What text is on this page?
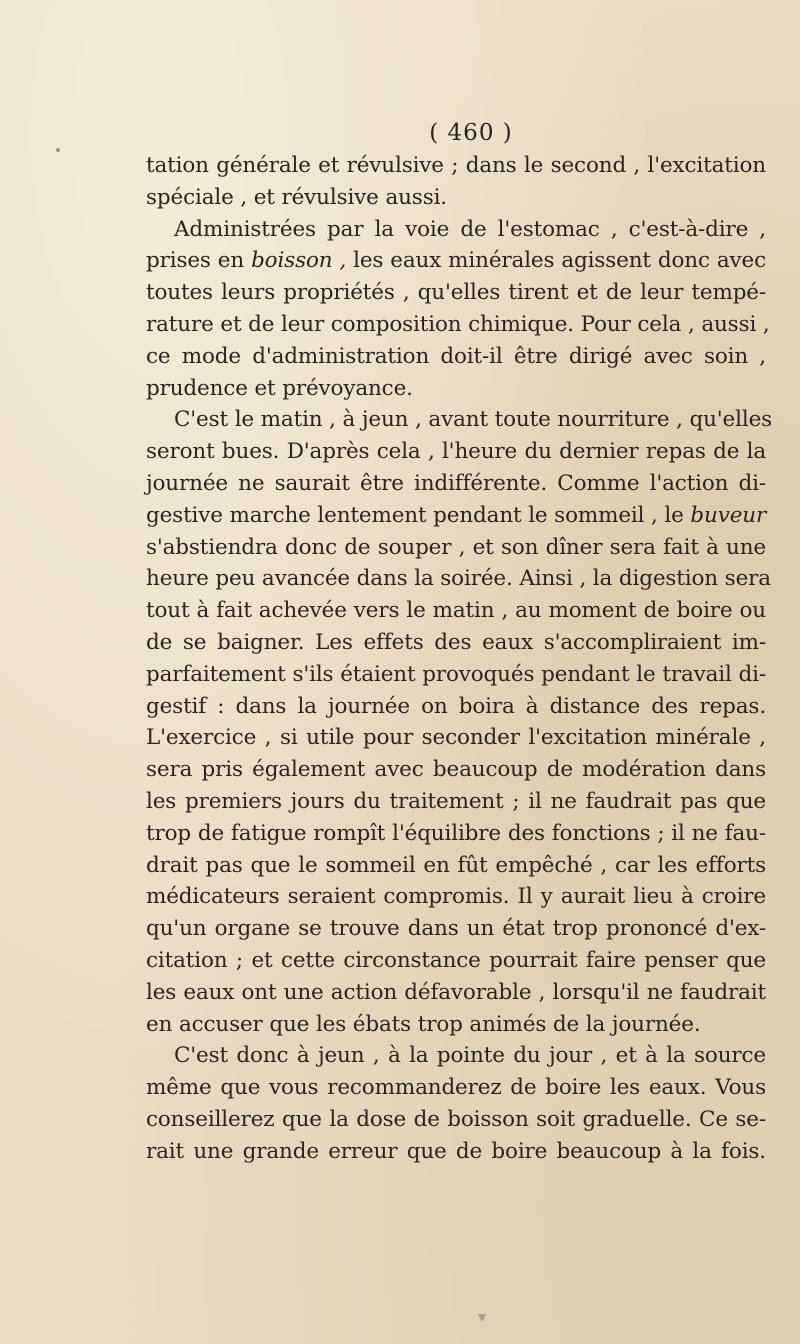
( 460 )

tation générale et révulsive ; dans le second , l'excitation
spéciale , et révulsive aussi.

Administrées par la voie de l'estomac , c'est-à-dire ,
prises en boisson , les eaux minérales agissent donc avec
toutes leurs propriétés , qu'elles tirent et de leur tempé-
rature et de leur composition chimique. Pour cela , aussi ,
ce mode d'administration doit-il être dirigé avec soin ,
prudence et prévoyance.

C'est le matin , à jeun , avant toute nourriture , qu'elles
seront bues. D'après cela , l'heure du dernier repas de la
journée ne saurait être indifférente. Comme l'action di-
gestive marche lentement pendant le sommeil , le buveur
s'abstiendra donc de souper , et son dîner sera fait à une
heure peu avancée dans la soirée. Ainsi , la digestion sera
tout à fait achevée vers le matin , au moment de boire ou
de se baigner. Les effets des eaux s'accompliraient im-
parfaitement s'ils étaient provoqués pendant le travail di-
gestif : dans la journée on boira à distance des repas.
L'exercice , si utile pour seconder l'excitation minérale ,
sera pris également avec beaucoup de modération dans
les premiers jours du traitement ; il ne faudrait pas que
trop de fatigue rompît l'équilibre des fonctions ; il ne fau-
drait pas que le sommeil en fût empêché , car les efforts
médicateurs seraient compromis. Il y aurait lieu à croire
qu'un organe se trouve dans un état trop prononcé d'ex-
citation ; et cette circonstance pourrait faire penser que
les eaux ont une action défavorable , lorsqu'il ne faudrait
en accuser que les ébats trop animés de la journée.

C'est donc à jeun , à la pointe du jour , et à la source
même que vous recommanderez de boire les eaux. Vous
conseillerez que la dose de boisson soit graduelle. Ce se-
rait une grande erreur que de boire beaucoup à la fois.
